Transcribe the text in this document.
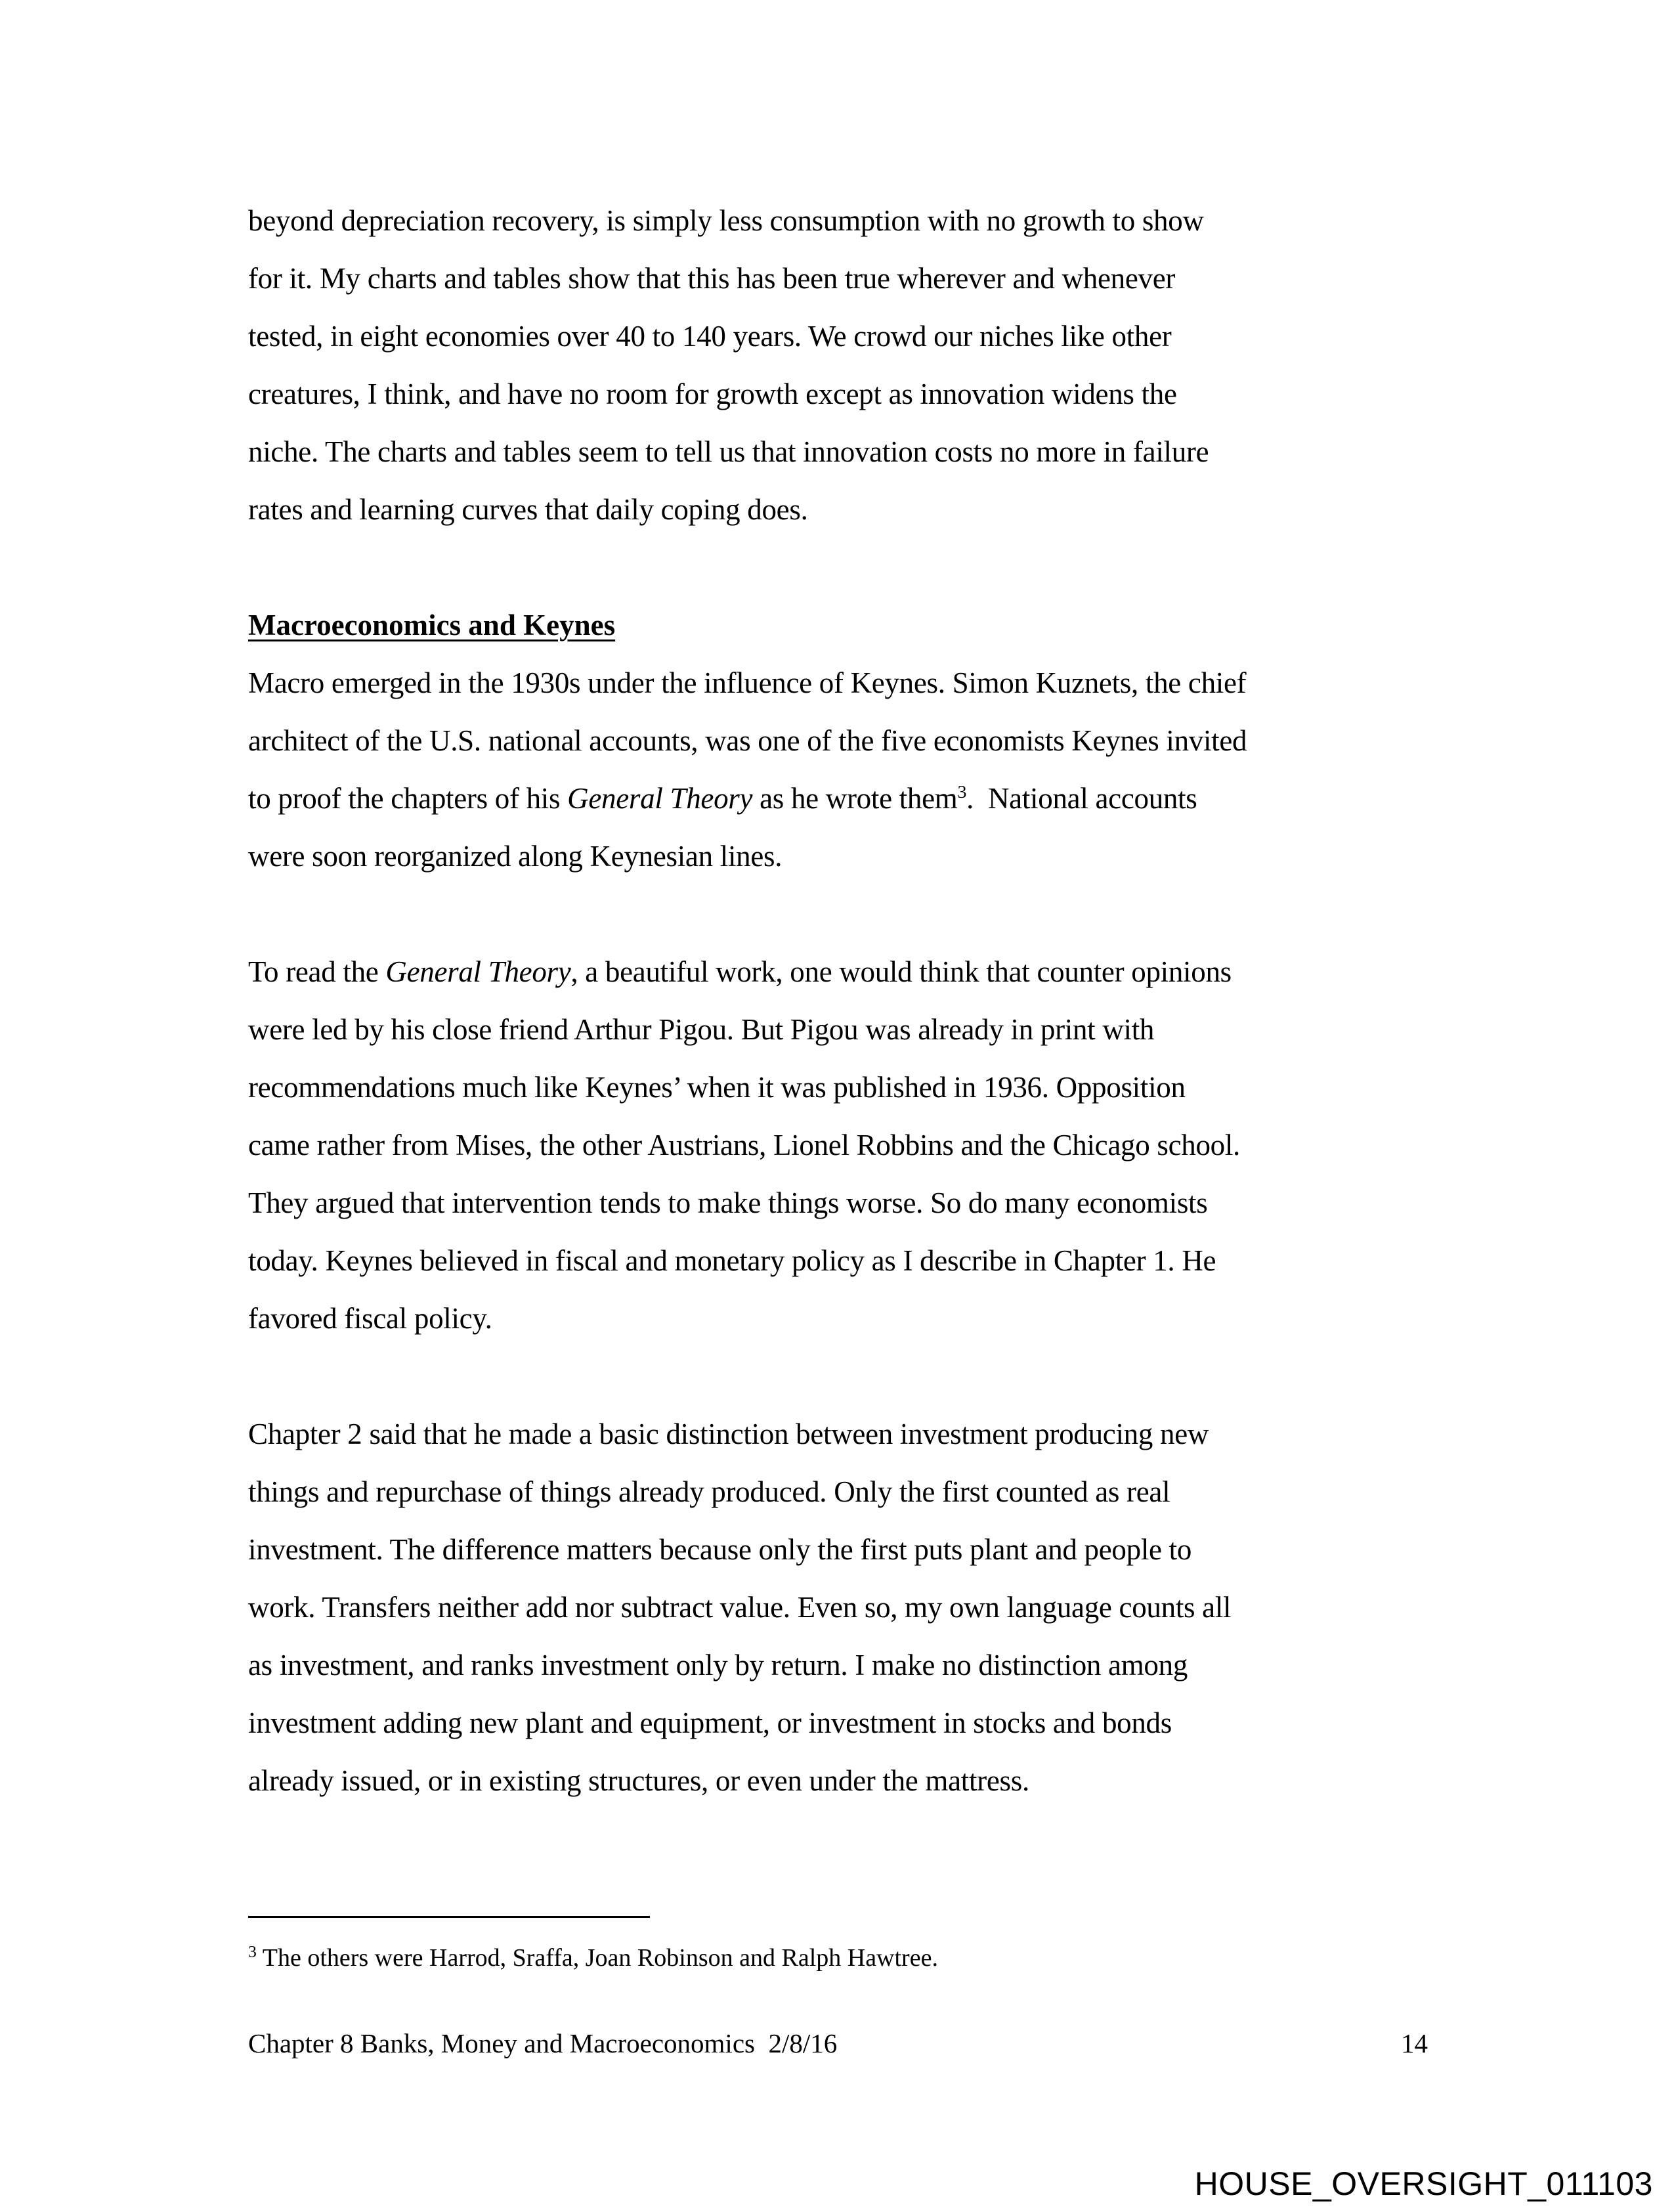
beyond depreciation recovery, is simply less consumption with no growth to show
for it. My charts and tables show that this has been true wherever and whenever
tested, in eight economies over 40 to 140 years. We crowd our niches like other
creatures, I think, and have no room for growth except as innovation widens the
niche. The charts and tables seem to tell us that innovation costs no more in failure
rates and learning curves that daily coping does.
Macroeconomics and Keynes
Macro emerged in the 1930s under the influence of Keynes. Simon Kuznets, the chief
architect of the U.S. national accounts, was one of the five economists Keynes invited
to proof the chapters of his General Theory as he wrote them$^3$.  National accounts
were soon reorganized along Keynesian lines.
To read the General Theory, a beautiful work, one would think that counter opinions
were led by his close friend Arthur Pigou. But Pigou was already in print with
recommendations much like Keynes’ when it was published in 1936. Opposition
came rather from Mises, the other Austrians, Lionel Robbins and the Chicago school.
They argued that intervention tends to make things worse. So do many economists
today. Keynes believed in fiscal and monetary policy as I describe in Chapter 1. He
favored fiscal policy.
Chapter 2 said that he made a basic distinction between investment producing new
things and repurchase of things already produced. Only the first counted as real
investment. The difference matters because only the first puts plant and people to
work. Transfers neither add nor subtract value. Even so, my own language counts all
as investment, and ranks investment only by return. I make no distinction among
investment adding new plant and equipment, or investment in stocks and bonds
already issued, or in existing structures, or even under the mattress.
$^3$ The others were Harrod, Sraffa, Joan Robinson and Ralph Hawtree.
Chapter 8 Banks, Money and Macroeconomics  2/8/16	14
HOUSE_OVERSIGHT_011103
